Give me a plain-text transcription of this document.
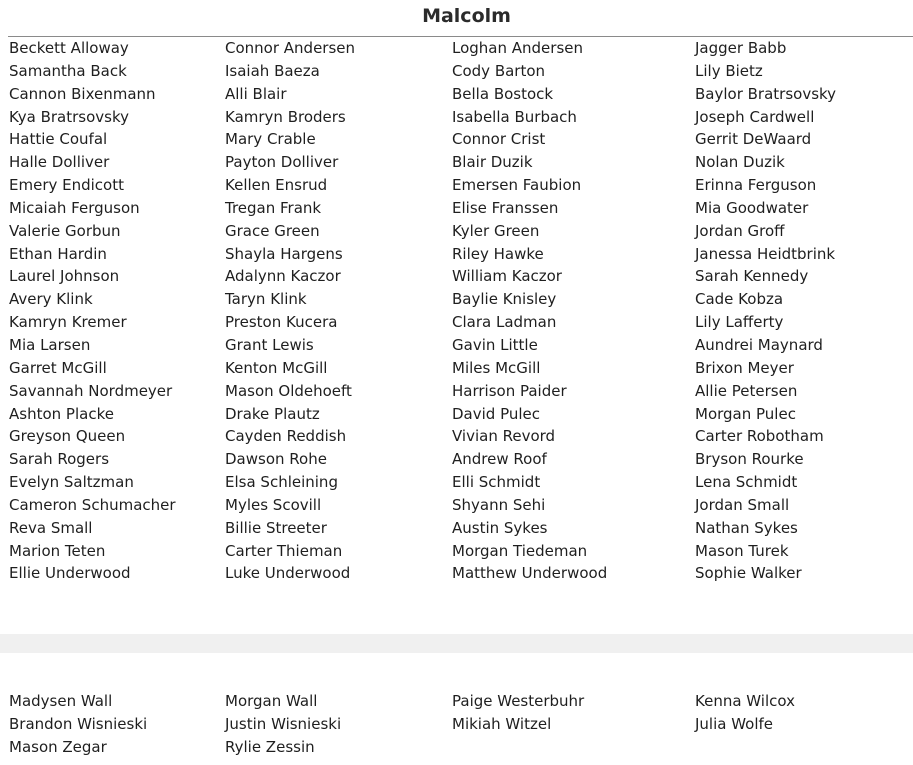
Malcolm
Beckett Alloway
Samantha Back
Cannon Bixenmann
Kya Bratrsovsky
Hattie Coufal
Halle Dolliver
Emery Endicott
Micaiah Ferguson
Valerie Gorbun
Ethan Hardin
Laurel Johnson
Avery Klink
Kamryn Kremer
Mia Larsen
Garret McGill
Savannah Nordmeyer
Ashton Placke
Greyson Queen
Sarah Rogers
Evelyn Saltzman
Cameron Schumacher
Reva Small
Marion Teten
Ellie Underwood
Connor Andersen
Isaiah Baeza
Alli Blair
Kamryn Broders
Mary Crable
Payton Dolliver
Kellen Ensrud
Tregan Frank
Grace Green
Shayla Hargens
Adalynn Kaczor
Taryn Klink
Preston Kucera
Grant Lewis
Kenton McGill
Mason Oldehoeft
Drake Plautz
Cayden Reddish
Dawson Rohe
Elsa Schleining
Myles Scovill
Billie Streeter
Carter Thieman
Luke Underwood
Loghan Andersen
Cody Barton
Bella Bostock
Isabella Burbach
Connor Crist
Blair Duzik
Emersen Faubion
Elise Franssen
Kyler Green
Riley Hawke
William Kaczor
Baylie Knisley
Clara Ladman
Gavin Little
Miles McGill
Harrison Paider
David Pulec
Vivian Revord
Andrew Roof
Elli Schmidt
Shyann Sehi
Austin Sykes
Morgan Tiedeman
Matthew Underwood
Jagger Babb
Lily Bietz
Baylor Bratrsovsky
Joseph Cardwell
Gerrit DeWaard
Nolan Duzik
Erinna Ferguson
Mia Goodwater
Jordan Groff
Janessa Heidtbrink
Sarah Kennedy
Cade Kobza
Lily Lafferty
Aundrei Maynard
Brixon Meyer
Allie Petersen
Morgan Pulec
Carter Robotham
Bryson Rourke
Lena Schmidt
Jordan Small
Nathan Sykes
Mason Turek
Sophie Walker
Madysen Wall
Brandon Wisnieski
Mason Zegar
Morgan Wall
Justin Wisnieski
Rylie Zessin
Paige Westerbuhr
Mikiah Witzel
Kenna Wilcox
Julia Wolfe
